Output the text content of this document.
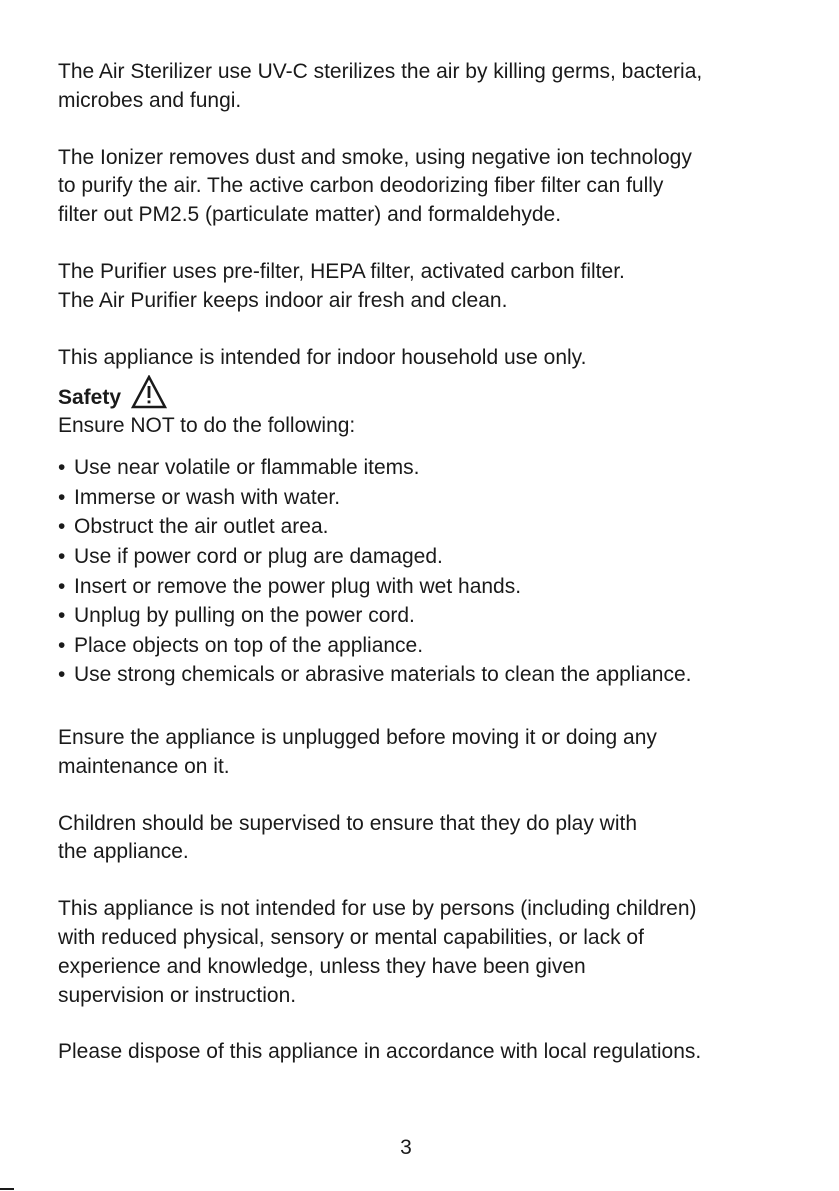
The Air Sterilizer use UV-C sterilizes the air by killing germs, bacteria,
microbes and fungi.

The Ionizer removes dust and smoke, using negative ion technology
to purify the air. The active carbon deodorizing fiber filter can fully
filter out PM2.5 (particulate matter) and formaldehyde.

The Purifier uses pre-filter, HEPA filter, activated carbon filter.
The Air Purifier keeps indoor air fresh and clean.

This appliance is intended for indoor household use only.

Safety

Ensure NOT to do the following:

• Use near volatile or flammable items.
• Immerse or wash with water.
• Obstruct the air outlet area.
• Use if power cord or plug are damaged.
• Insert or remove the power plug with wet hands.
• Unplug by pulling on the power cord.
• Place objects on top of the appliance.
• Use strong chemicals or abrasive materials to clean the appliance.

Ensure the appliance is unplugged before moving it or doing any
maintenance on it.

Children should be supervised to ensure that they do play with
the appliance.

This appliance is not intended for use by persons (including children)
with reduced physical, sensory or mental capabilities, or lack of
experience and knowledge, unless they have been given
supervision or instruction.

Please dispose of this appliance in accordance with local regulations.

3
